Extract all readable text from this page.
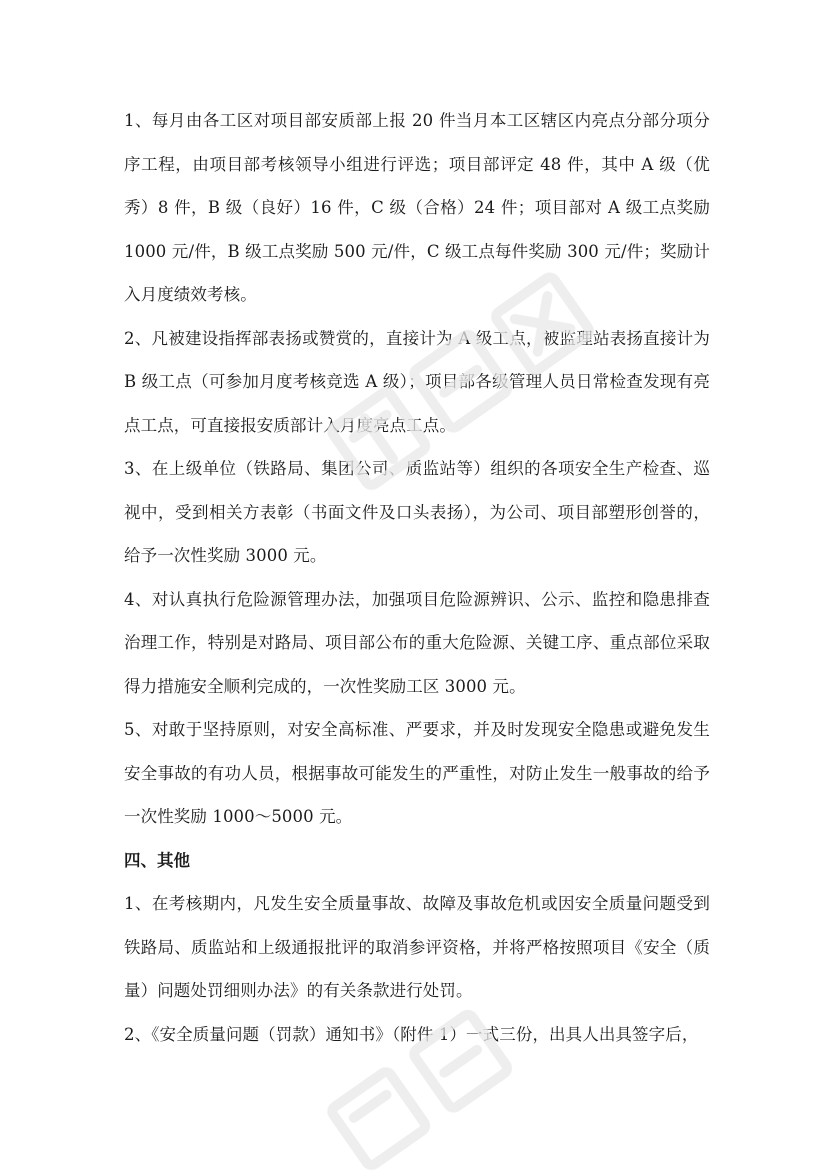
1、每月由各工区对项目部安质部上报 20 件当月本工区辖区内亮点分部分项分序工程，由项目部考核领导小组进行评选；项目部评定 48 件，其中 A 级（优秀）8 件，B 级（良好）16 件，C 级（合格）24 件；项目部对 A 级工点奖励 1000 元/件，B 级工点奖励 500 元/件，C 级工点每件奖励 300 元/件；奖励计入月度绩效考核。

2、凡被建设指挥部表扬或赞赏的，直接计为 A 级工点，被监理站表扬直接计为 B 级工点（可参加月度考核竞选 A 级）；项目部各级管理人员日常检查发现有亮点工点，可直接报安质部计入月度亮点工点。

3、在上级单位（铁路局、集团公司、质监站等）组织的各项安全生产检查、巡视中，受到相关方表彰（书面文件及口头表扬），为公司、项目部塑形创誉的，给予一次性奖励 3000 元。

4、对认真执行危险源管理办法，加强项目危险源辨识、公示、监控和隐患排查治理工作，特别是对路局、项目部公布的重大危险源、关键工序、重点部位采取得力措施安全顺利完成的，一次性奖励工区 3000 元。

5、对敢于坚持原则，对安全高标准、严要求，并及时发现安全隐患或避免发生安全事故的有功人员，根据事故可能发生的严重性，对防止发生一般事故的给予一次性奖励 1000～5000 元。

四、其他

1、在考核期内，凡发生安全质量事故、故障及事故危机或因安全质量问题受到铁路局、质监站和上级通报批评的取消参评资格，并将严格按照项目《安全（质量）问题处罚细则办法》的有关条款进行处罚。

2、《安全质量问题（罚款）通知书》（附件 1）一式三份，出具人出具签字后，
